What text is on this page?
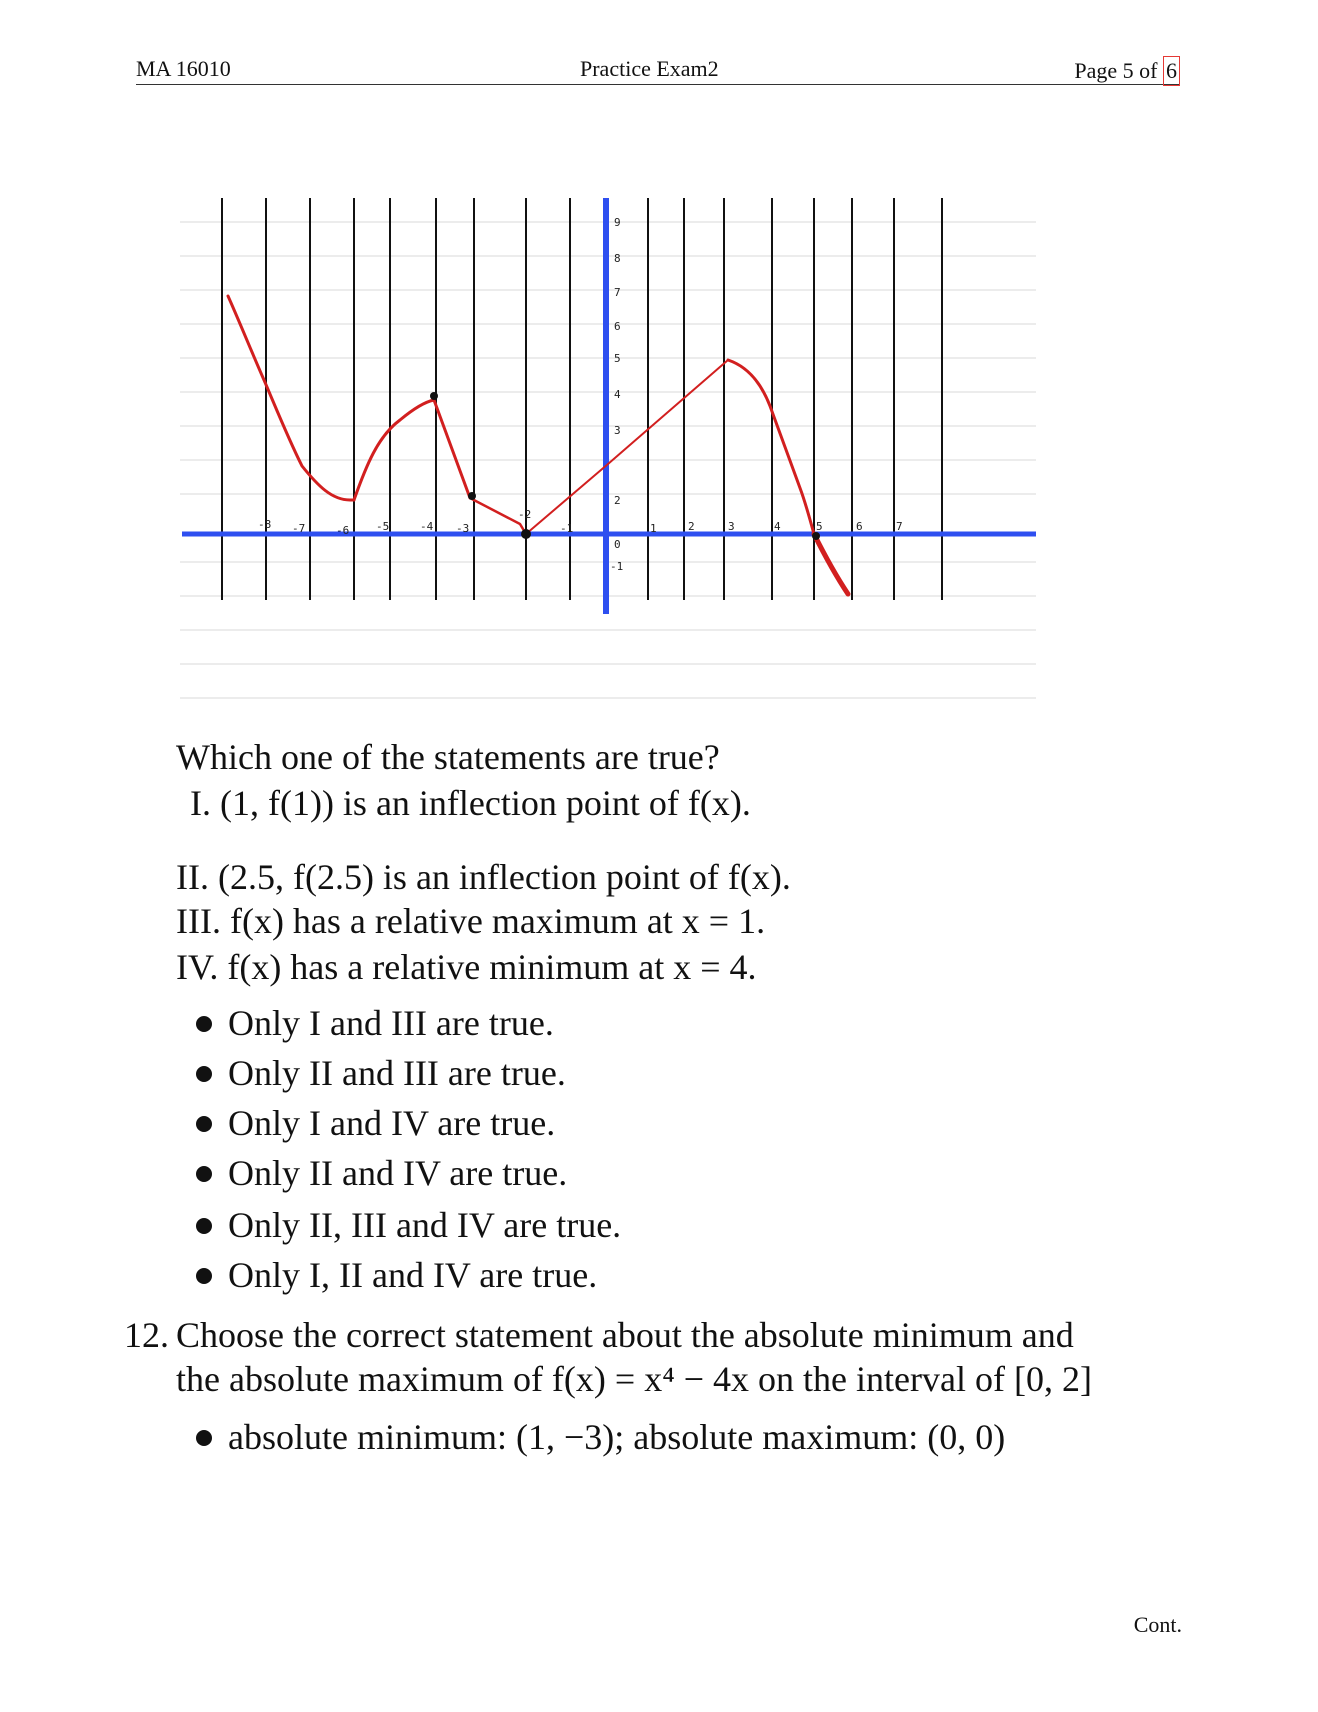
MA 16010	Practice Exam2	Page 5 of 6
-8 -7	-6 -5	-4 -3
-2
-1	1	2	3	4	5	6	7
9
8
7
6
5
4
3
2
0
-1
Which one of the statements are true?
I. (1, f(1)) is an inflection point of f(x).
II. (2.5, f(2.5) is an inflection point of f(x).
III. f(x) has a relative maximum at x = 1.
IV. f(x) has a relative minimum at x = 4.
Only I and III are true.
Only II and III are true.
Only I and IV are true.
Only II and IV are true.
Only II, III and IV are true.
Only I, II and IV are true.
12. Choose the correct statement about the absolute minimum and
the absolute maximum of f(x) = x⁴ − 4x on the interval of [0, 2]
absolute minimum: (1, −3); absolute maximum: (0, 0)
Cont.
